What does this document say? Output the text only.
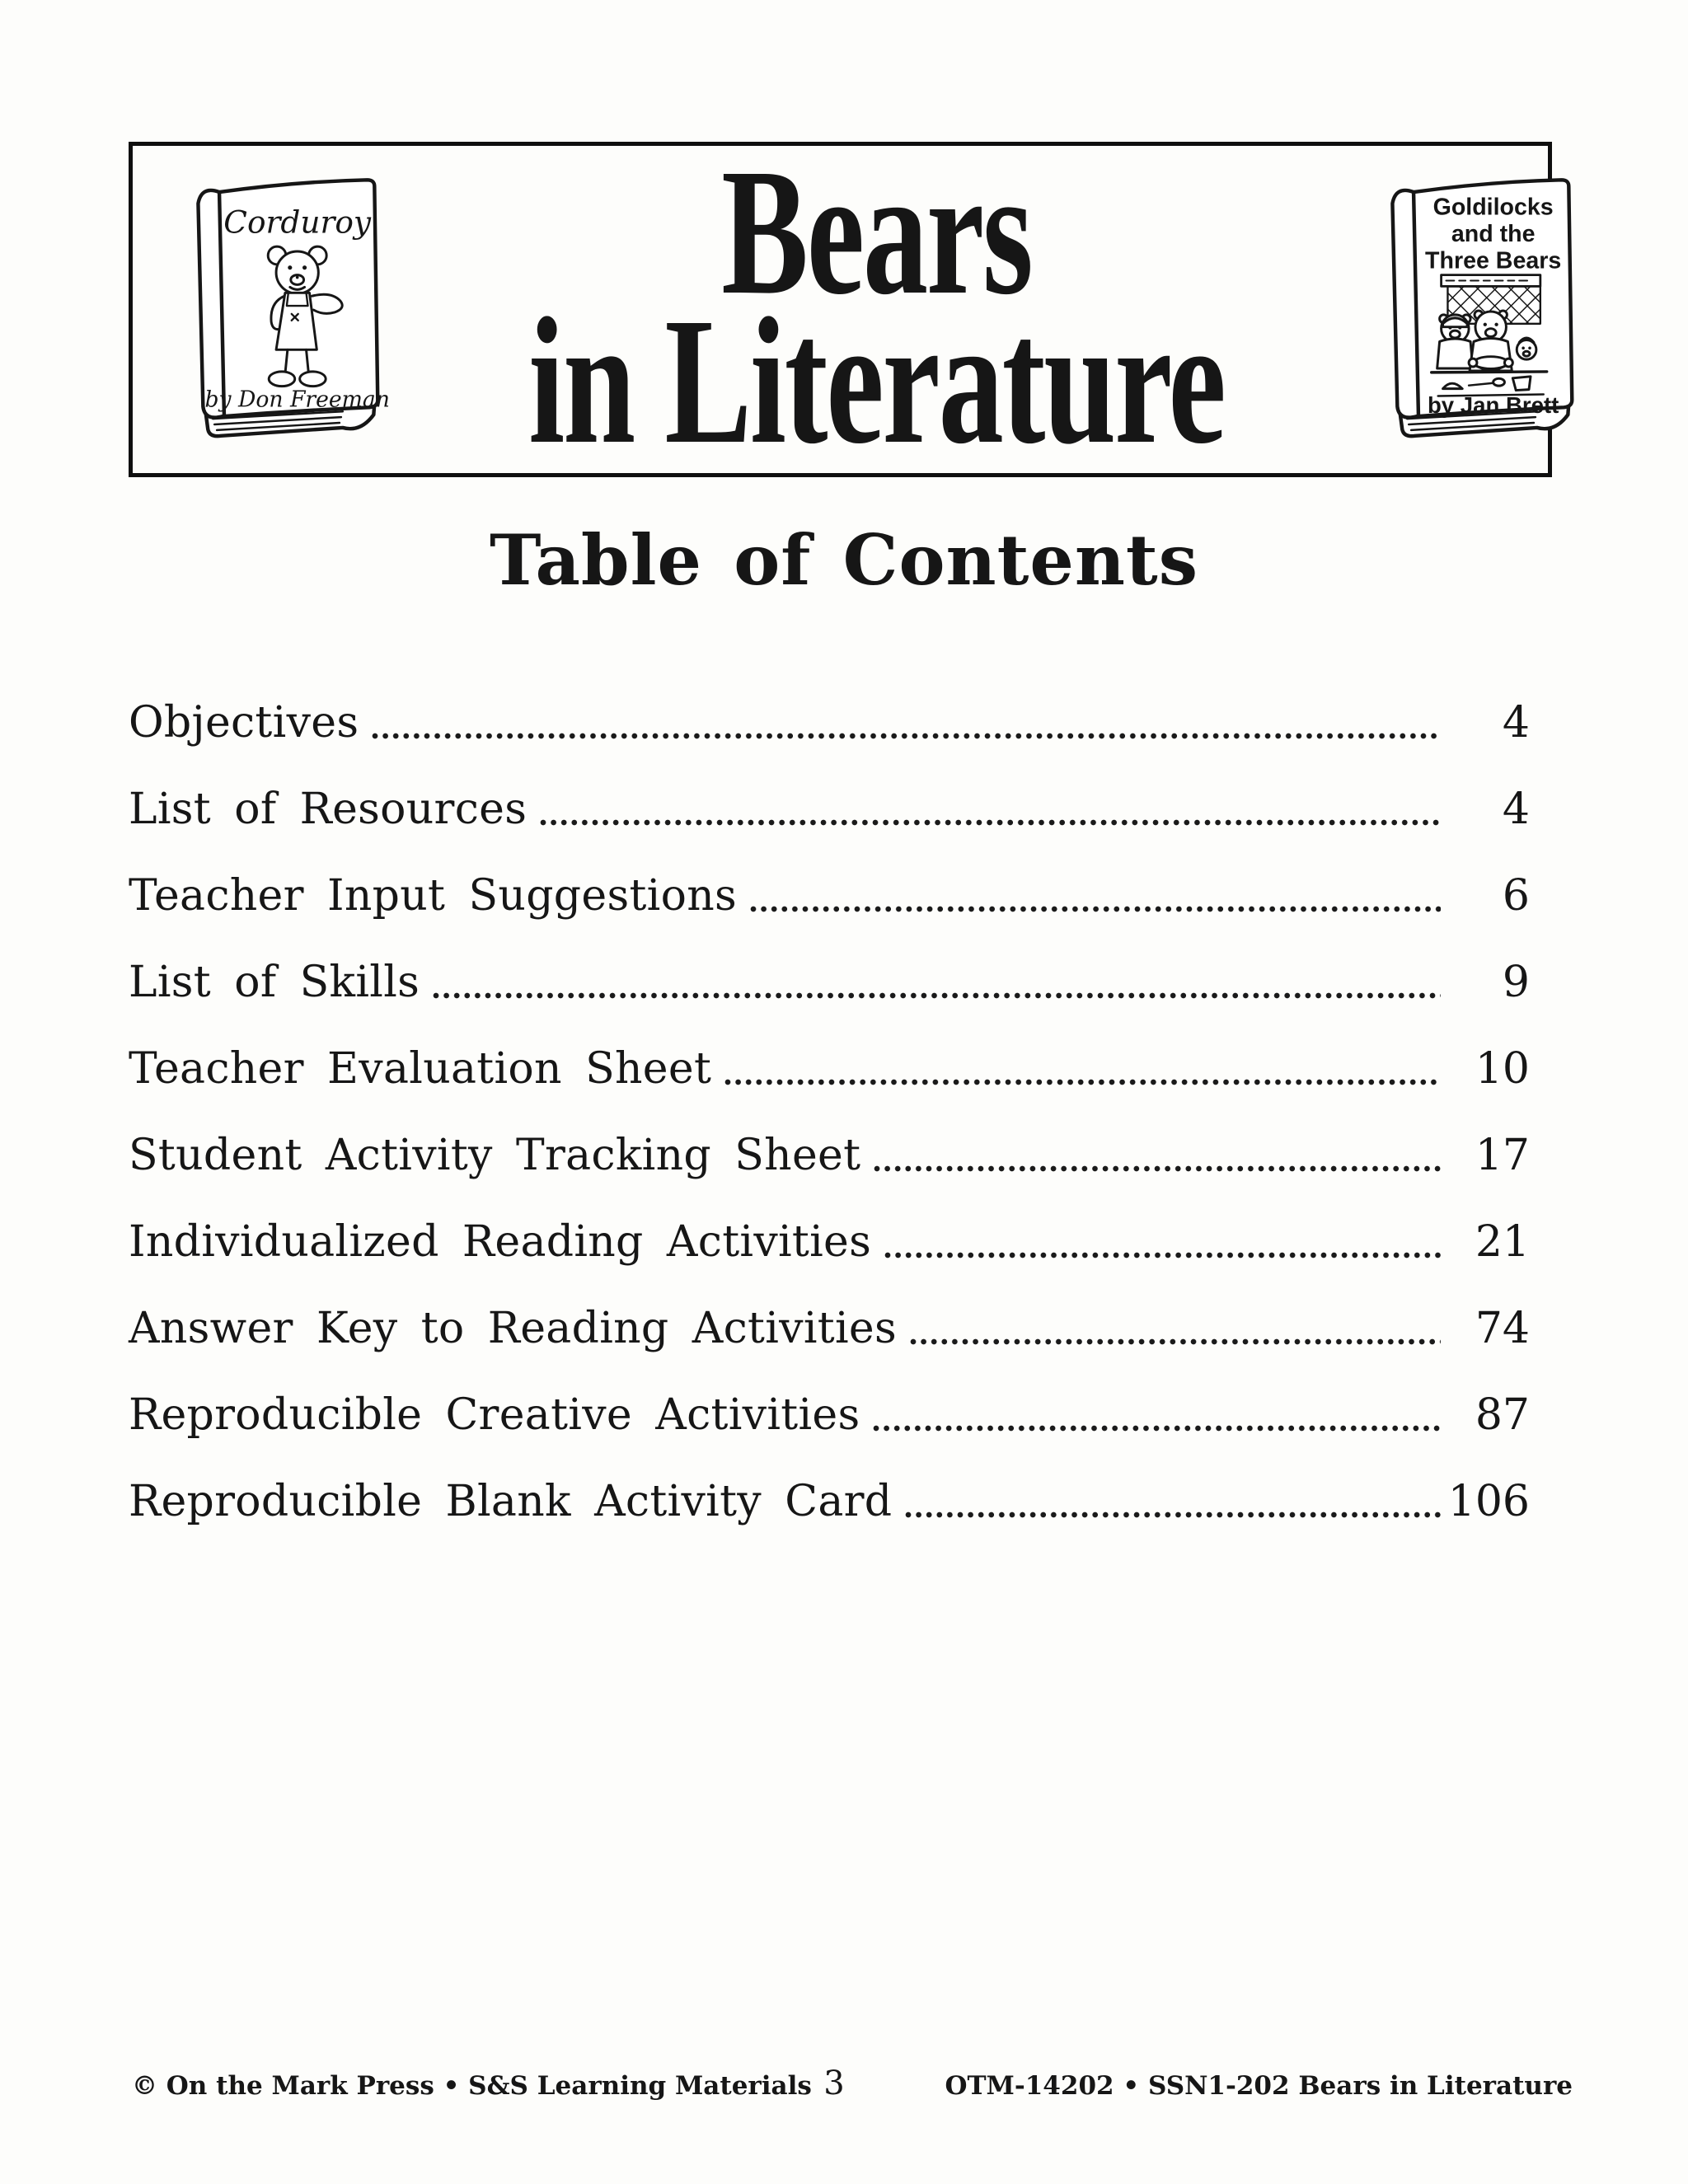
Corduroy
by Don Freeman
Bears
in Literature
Goldilocks
and the
Three Bears
by Jan Brett
Table of Contents
Objectives	4
List of Resources	4
Teacher Input Suggestions	6
List of Skills	9
Teacher Evaluation Sheet	10
Student Activity Tracking Sheet	17
Individualized Reading Activities	21
Answer Key to Reading Activities	74
Reproducible Creative Activities	87
Reproducible Blank Activity Card	106
© On the Mark Press • S&S Learning Materials 3	OTM-14202 • SSN1-202 Bears in Literature
